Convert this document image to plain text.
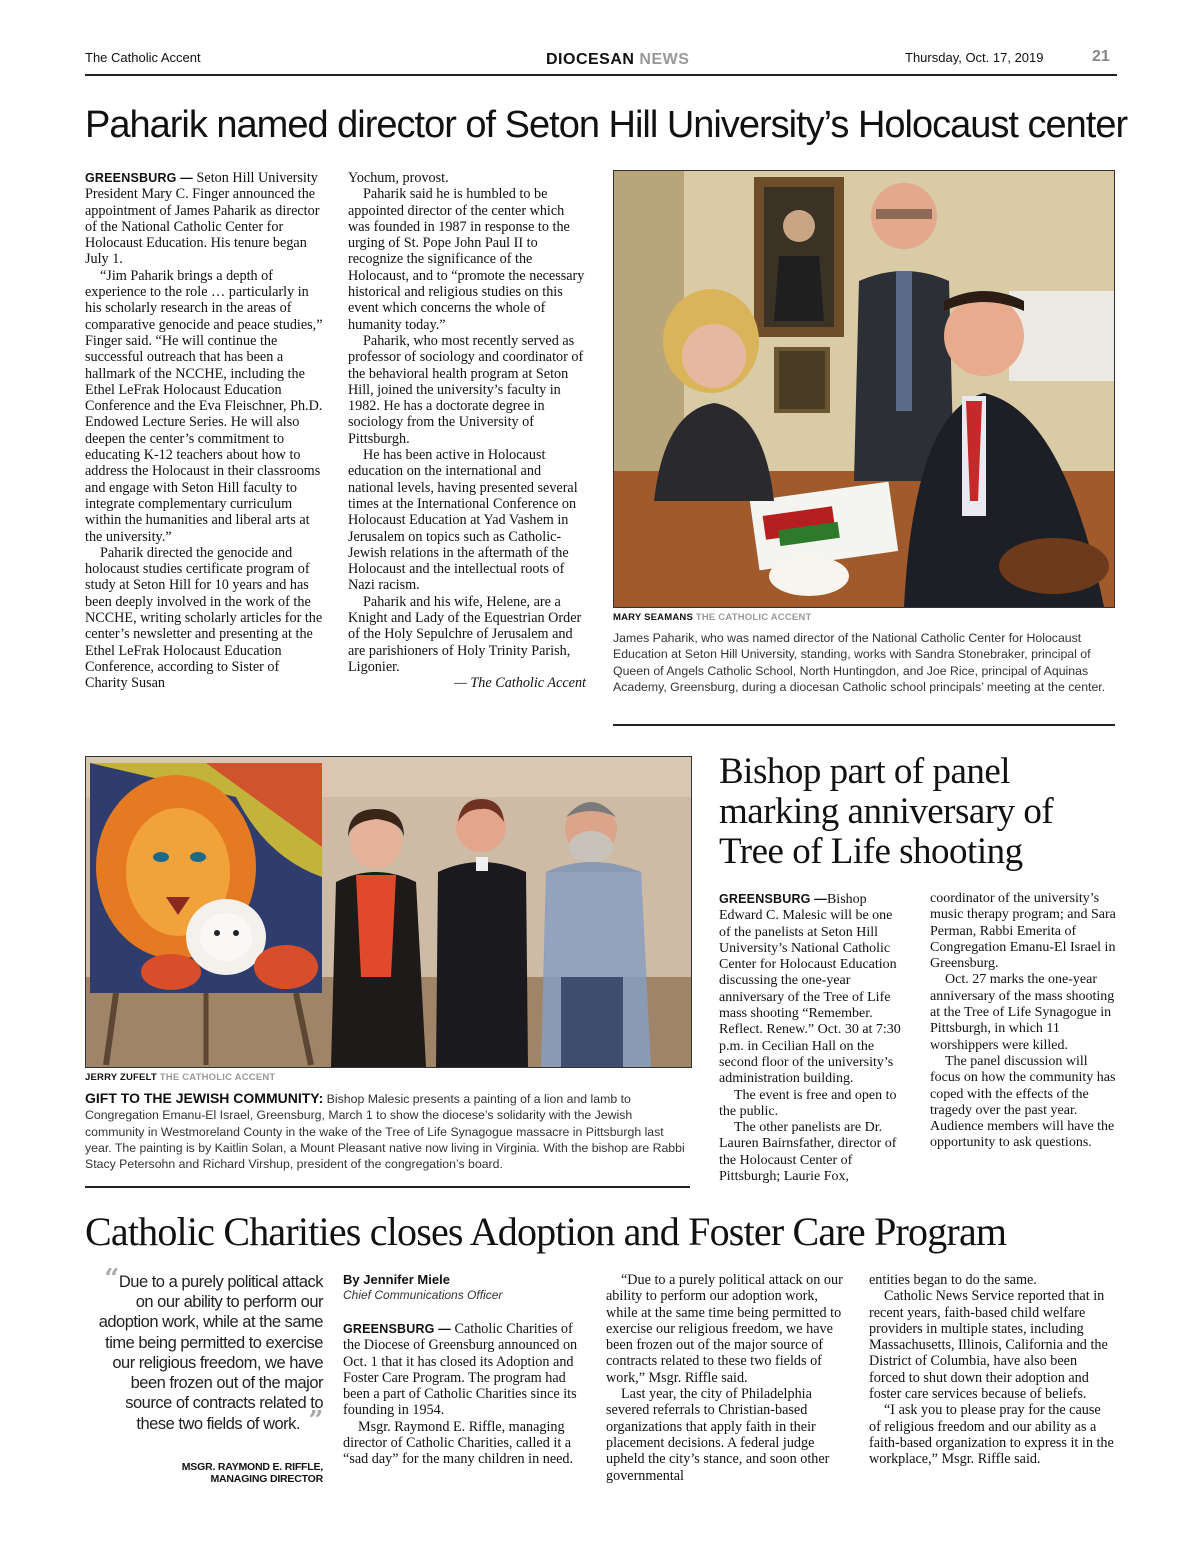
The Catholic Accent	DIOCESAN NEWS	Thursday, Oct. 17, 2019	21
Paharik named director of Seton Hill University’s Holocaust center

GREENSBURG — Seton Hill University President Mary C. Finger announced the appointment of James Paharik as director of the National Catholic Center for Holocaust Education. His tenure began July 1.

“Jim Paharik brings a depth of experience to the role … particularly in his scholarly research in the areas of comparative genocide and peace studies,” Finger said. “He will continue the successful outreach that has been a hallmark of the NCCHE, including the Ethel LeFrak Holocaust Education Conference and the Eva Fleischner, Ph.D. Endowed Lecture Series. He will also deepen the center’s commitment to educating K-12 teachers about how to address the Holocaust in their classrooms and engage with Seton Hill faculty to integrate complementary curriculum within the humanities and liberal arts at the university.”

Paharik directed the genocide and holocaust studies certificate program of study at Seton Hill for 10 years and has been deeply involved in the work of the NCCHE, writing scholarly articles for the center’s newsletter and presenting at the Ethel LeFrak Holocaust Education Conference, according to Sister of Charity Susan

Yochum, provost.

Paharik said he is humbled to be appointed director of the center which was founded in 1987 in response to the urging of St. Pope John Paul II to recognize the significance of the Holocaust, and to “promote the necessary historical and religious studies on this event which concerns the whole of humanity today.”

Paharik, who most recently served as professor of sociology and coordinator of the behavioral health program at Seton Hill, joined the university’s faculty in 1982. He has a doctorate degree in sociology from the University of Pittsburgh.

He has been active in Holocaust education on the international and national levels, having presented several times at the International Conference on Holocaust Education at Yad Vashem in Jerusalem on topics such as Catholic-Jewish relations in the aftermath of the Holocaust and the intellectual roots of Nazi racism.

Paharik and his wife, Helene, are a Knight and Lady of the Equestrian Order of the Holy Sepulchre of Jerusalem and are parishioners of Holy Trinity Parish, Ligonier.

— The Catholic Accent

MARY SEAMANS THE CATHOLIC ACCENT
James Paharik, who was named director of the National Catholic Center for Holocaust Education at Seton Hill University, standing, works with Sandra Stonebraker, principal of Queen of Angels Catholic School, North Huntingdon, and Joe Rice, principal of Aquinas Academy, Greensburg, during a diocesan Catholic school principals’ meeting at the center.
JERRY ZUFELT THE CATHOLIC ACCENT
GIFT TO THE JEWISH COMMUNITY: Bishop Malesic presents a painting of a lion and lamb to Congregation Emanu-El Israel, Greensburg, March 1 to show the diocese’s solidarity with the Jewish community in Westmoreland County in the wake of the Tree of Life Synagogue massacre in Pittsburgh last year. The painting is by Kaitlin Solan, a Mount Pleasant native now living in Virginia. With the bishop are Rabbi Stacy Petersohn and Richard Virshup, president of the congregation’s board.
Bishop part of panel marking anniversary of Tree of Life shooting

GREENSBURG —Bishop Edward C. Malesic will be one of the panelists at Seton Hill University’s National Catholic Center for Holocaust Education discussing the one-year anniversary of the Tree of Life mass shooting “Remember. Reflect. Renew.” Oct. 30 at 7:30 p.m. in Cecilian Hall on the second floor of the university’s administration building.

The event is free and open to the public.

The other panelists are Dr. Lauren Bairnsfather, director of the Holocaust Center of Pittsburgh; Laurie Fox,

coordinator of the university’s music therapy program; and Sara Perman, Rabbi Emerita of Congregation Emanu-El Israel in Greensburg.

Oct. 27 marks the one-year anniversary of the mass shooting at the Tree of Life Synagogue in Pittsburgh, in which 11 worshippers were killed.

The panel discussion will focus on how the community has coped with the effects of the tragedy over the past year. Audience members will have the opportunity to ask questions.

Catholic Charities closes Adoption and Foster Care Program
“Due to a purely political attack on our ability to perform our adoption work, while at the same time being permitted to exercise our religious freedom, we have been frozen out of the major source of contracts related to these two fields of work. ”
MSGR. RAYMOND E. RIFFLE,
MANAGING DIRECTOR
By Jennifer Miele
Chief Communications Officer

GREENSBURG — Catholic Charities of the Diocese of Greensburg announced on Oct. 1 that it has closed its Adoption and Foster Care Program. The program had been a part of Catholic Charities since its founding in 1954.

Msgr. Raymond E. Riffle, managing director of Catholic Charities, called it a “sad day” for the many children in need.

“Due to a purely political attack on our ability to perform our adoption work, while at the same time being permitted to exercise our religious freedom, we have been frozen out of the major source of contracts related to these two fields of work,” Msgr. Riffle said.

Last year, the city of Philadelphia severed referrals to Christian-based organizations that apply faith in their placement decisions. A federal judge upheld the city’s stance, and soon other governmental

entities began to do the same.

Catholic News Service reported that in recent years, faith-based child welfare providers in multiple states, including Massachusetts, Illinois, California and the District of Columbia, have also been forced to shut down their adoption and foster care services because of beliefs.

“I ask you to please pray for the cause of religious freedom and our ability as a faith-based organization to express it in the workplace,” Msgr. Riffle said.
